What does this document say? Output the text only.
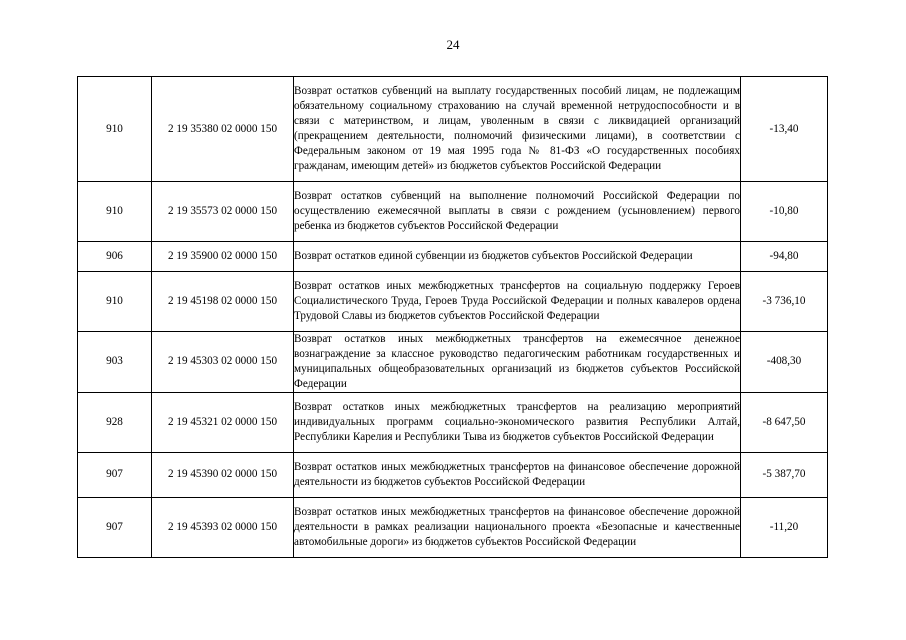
24
910	2 19 35380 02 0000 150	Возврат остатков субвенций на выплату государственных пособий лицам, не подлежащим обязательному социальному страхованию на случай временной нетрудоспособности и в связи с материнством, и лицам, уволенным в связи с ликвидацией организаций (прекращением деятельности, полномочий физическими лицами), в соответствии с Федеральным законом от 19 мая 1995 года № 81-ФЗ «О государственных пособиях гражданам, имеющим детей» из бюджетов субъектов Российской Федерации	-13,40
910	2 19 35573 02 0000 150	Возврат остатков субвенций на выполнение полномочий Российской Федерации по осуществлению ежемесячной выплаты в связи с рождением (усыновлением) первого ребенка из бюджетов субъектов Российской Федерации	-10,80
906	2 19 35900 02 0000 150	Возврат остатков единой субвенции из бюджетов субъектов Российской Федерации	-94,80
910	2 19 45198 02 0000 150	Возврат остатков иных межбюджетных трансфертов на социальную поддержку Героев Социалистического Труда, Героев Труда Российской Федерации и полных кавалеров ордена Трудовой Славы из бюджетов субъектов Российской Федерации	-3 736,10
903	2 19 45303 02 0000 150	Возврат остатков иных межбюджетных трансфертов на ежемесячное денежное вознаграждение за классное руководство педагогическим работникам государственных и муниципальных общеобразовательных организаций из бюджетов субъектов Российской Федерации	-408,30
928	2 19 45321 02 0000 150	Возврат остатков иных межбюджетных трансфертов на реализацию мероприятий индивидуальных программ социально-экономического развития Республики Алтай, Республики Карелия и Республики Тыва из бюджетов субъектов Российской Федерации	-8 647,50
907	2 19 45390 02 0000 150	Возврат остатков иных межбюджетных трансфертов на финансовое обеспечение дорожной деятельности из бюджетов субъектов Российской Федерации	-5 387,70
907	2 19 45393 02 0000 150	Возврат остатков иных межбюджетных трансфертов на финансовое обеспечение дорожной деятельности в рамках реализации национального проекта «Безопасные и качественные автомобильные дороги» из бюджетов субъектов Российской Федерации	-11,20
